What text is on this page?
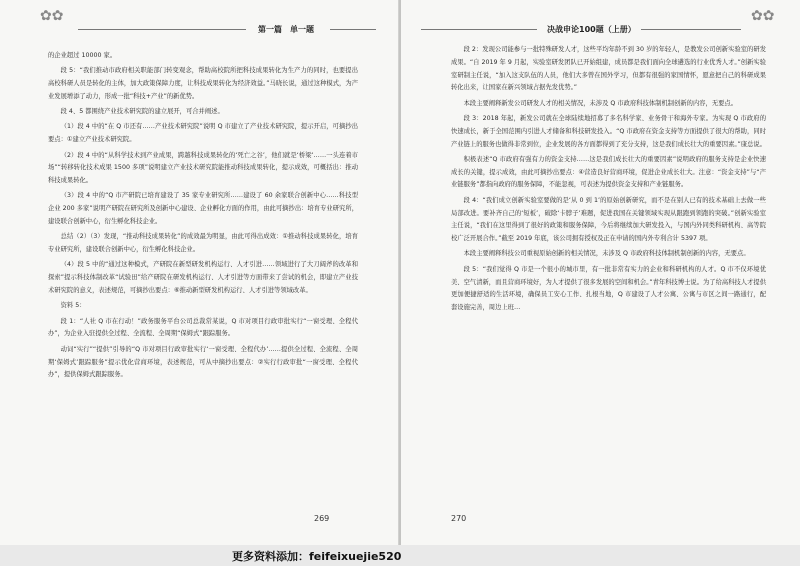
✿✿
第一篇　单一题

的企业超过 10000 家。

段 5：“我们推动市政府相关职能部门转变观念，帮助高校院所把科技成果转化为生产力的同时，也要提出高校科研人员是转化的主体，加大政策保障力度，让科技成果转化为经济效益。”马晓长说，通过这种模式，为产业发展增添了动力，形成一批“科技+产业”的新优势。

段 4、5 都围绕产业技术研究院的建立展开，可合并阐述。

（1）段 4 中的“在 Q 市还有……产业技术研究院”说明 Q 市建立了产业技术研究院，提示开启，可摘抄出要点：①建立产业技术研究院。

（2）段 4 中的“从科学技术到产业成果，跨越科技成果转化的‘死亡之谷’，他们就是‘桥梁’……一头连着市场”“转移转化技术成果 1500 多项”说明建立产业技术研究院能推动科技成果转化，提示成效，可概括出：推动科技成果转化。

（3）段 4 中的“Q 市产研院已培育建设了 35 家专业研究所……建设了 60 余家联合创新中心……科技型企业 200 多家”说明产研院在研究所及创新中心建设、企业孵化方面的作用，由此可摘抄出：培育专业研究所，建设联合创新中心，衍生孵化科技企业。

总结（2）（3）发现，“推动科技成果转化”的成效最为明显，由此可得出成效：①推动科技成果转化，培育专业研究所，建设联合创新中心，衍生孵化科技企业。

（4）段 5 中的“通过这种模式，产研院在新型研发机构运行、人才引进……领域进行了大刀阔斧的改革和探索”提示科技体制改革“试验田”给产研院在研发机构运行、人才引进等方面带来了尝试的机会，即建立产业技术研究院的意义，表述规范，可摘抄出要点：⑥推动新型研发机构运行、人才引进等领域改革。

资料 5：

段 1：“人社 Q 市在行动！”政务服务平台公司总裁常某说，Q 市对项目行政审批实行“一窗受理、全程代办”，为企业入驻提供全过程、全流程、全周期“保姆式”跟踪服务。

动词“实行”“提供”引导的“Q 市对项目行政审批实行‘一窗受理、全程代办’……提供全过程、全流程、全周期‘保姆式’跟踪服务”提示优化营商环境，表述规范，可从中摘抄出要点：②实行行政审批“一窗受理、全程代办”，提供保姆式跟踪服务。

269
决战申论100题（上册）
✿✿

段 2：发现公司能参与一批特殊研发人才，这些平均年龄不到 30 岁的年轻人，是教发公司创新实验室的研发成果。“自 2019 年 9 月起，实验室研发团队已开始组建，成员都是我们面向全球遴选的行业优秀人才。”创新实验室研制主任说，“加入这支队伍的人员，他们大多曾在国外学习，但都有很强的家国情怀，愿意把自己的科研成果转化出来，让国家在新兴领域占据先发优势。”

本段主要阐释新发公司研发人才的相关情况，未涉及 Q 市政府科技体制机制创新的内容，无要点。

段 3：2018 年起，新发公司就在全球陆续地招募了多名科学家、业务骨干和海外专家。为实现 Q 市政府的快速成长，新于全国范围内引进人才储备和科技研发投入。“Q 市政府在资金支持等方面提供了很大的帮助，同时产业链上的服务也做得非常到位，企业发展的各方面都得到了充分支持，这是我们成长壮大的重要因素。”康总说。

积极表述“Q 市政府有强有力的资金支持……这是我们成长壮大的重要因素”说明政府的服务支持是企业快速成长的关键，提示成效，由此可摘抄出要点：④营造良好营商环境，促进企业成长壮大。注意：“资金支持”与“产业链服务”都指向政府的服务保障，不能忽视，可表述为提供资金支持和产业链服务。

段 4：“我们成立创新实验室要做的是‘从 0 到 1’的原始创新研究，而不是在别人已有的技术基础上去做一些局部改进。要补齐自己的‘短板’，破除‘卡脖子’难题，促进我国在关键领域实现从跟跑到领跑的突破。”创新实验室主任说，“我们在这里得到了很好的政策和服务保障，今后将继续加大研发投入，与国内外同类科研机构、高等院校广泛开展合作。”截至 2019 年底，该公司拥有授权及正在申请的国内外专利合计 5397 项。

本段主要阐释科技公司重视原始创新的相关情况，未涉及 Q 市政府科技体制机制创新的内容，无要点。

段 5：“我们觉得 Q 市是一个很小的城市里，有一批非常有实力的企业和科研机构的人才。Q 市不仅环境优美、空气清新，而且营商环境好，为人才提供了很多发展的空间和机会。”青年科技博士说。为了给高科技人才提供更加便捷舒适的生活环境，确保员工安心工作、扎根当地，Q 市建设了人才公寓、公寓与市区之间一路通行，配套设施完善，周边上班…

270
更多资料添加：feifeixuejie520
